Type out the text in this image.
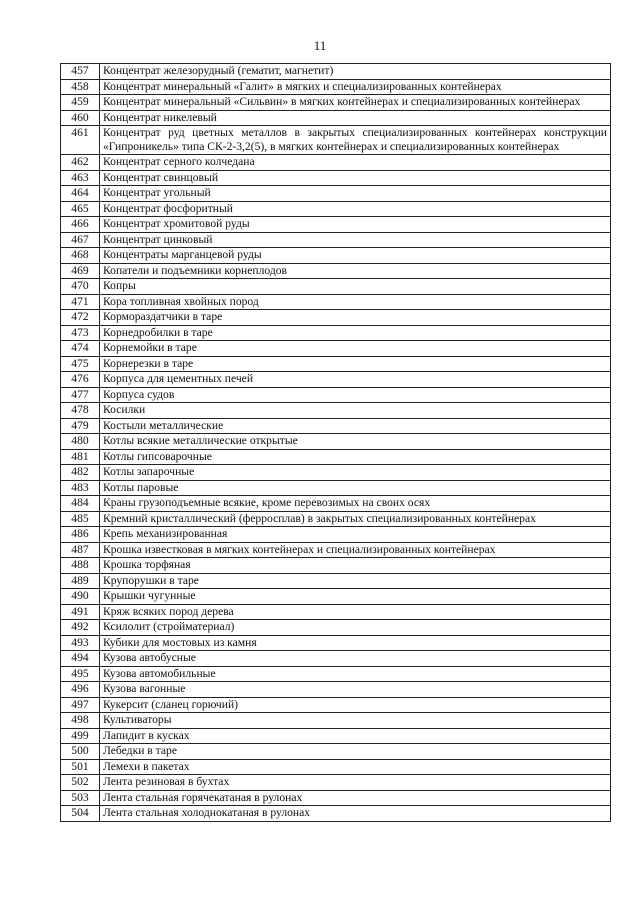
11
457	Концентрат железорудный (гематит, магнетит)
458	Концентрат минеральный «Галит» в мягких и специализированных контейнерах
459	Концентрат минеральный «Сильвин» в мягких контейнерах и специализированных контейнерах
460	Концентрат никелевый
461	Концентрат руд цветных металлов в закрытых специализированных контейнерах конструкции «Гипроникель» типа СК-2-3,2(5), в мягких контейнерах и специализированных контейнерах
462	Концентрат серного колчедана
463	Концентрат свинцовый
464	Концентрат угольный
465	Концентрат фосфоритный
466	Концентрат хромитовой руды
467	Концентрат цинковый
468	Концентраты марганцевой руды
469	Копатели и подъемники корнеплодов
470	Копры
471	Кора топливная хвойных пород
472	Кормораздатчики в таре
473	Корнедробилки в таре
474	Корнемойки в таре
475	Корнерезки в таре
476	Корпуса для цементных печей
477	Корпуса судов
478	Косилки
479	Костыли металлические
480	Котлы всякие металлические открытые
481	Котлы гипсоварочные
482	Котлы запарочные
483	Котлы паровые
484	Краны грузоподъемные всякие, кроме перевозимых на своих осях
485	Кремний кристаллический (ферросплав) в закрытых специализированных контейнерах
486	Крепь механизированная
487	Крошка известковая в мягких контейнерах и специализированных контейнерах
488	Крошка торфяная
489	Крупорушки в таре
490	Крышки чугунные
491	Кряж всяких пород дерева
492	Ксилолит (стройматериал)
493	Кубики для мостовых из камня
494	Кузова автобусные
495	Кузова автомобильные
496	Кузова вагонные
497	Кукерсит (сланец горючий)
498	Культиваторы
499	Лапидит в кусках
500	Лебедки в таре
501	Лемехи в пакетах
502	Лента резиновая в бухтах
503	Лента стальная горячекатаная в рулонах
504	Лента стальная холоднокатаная в рулонах
